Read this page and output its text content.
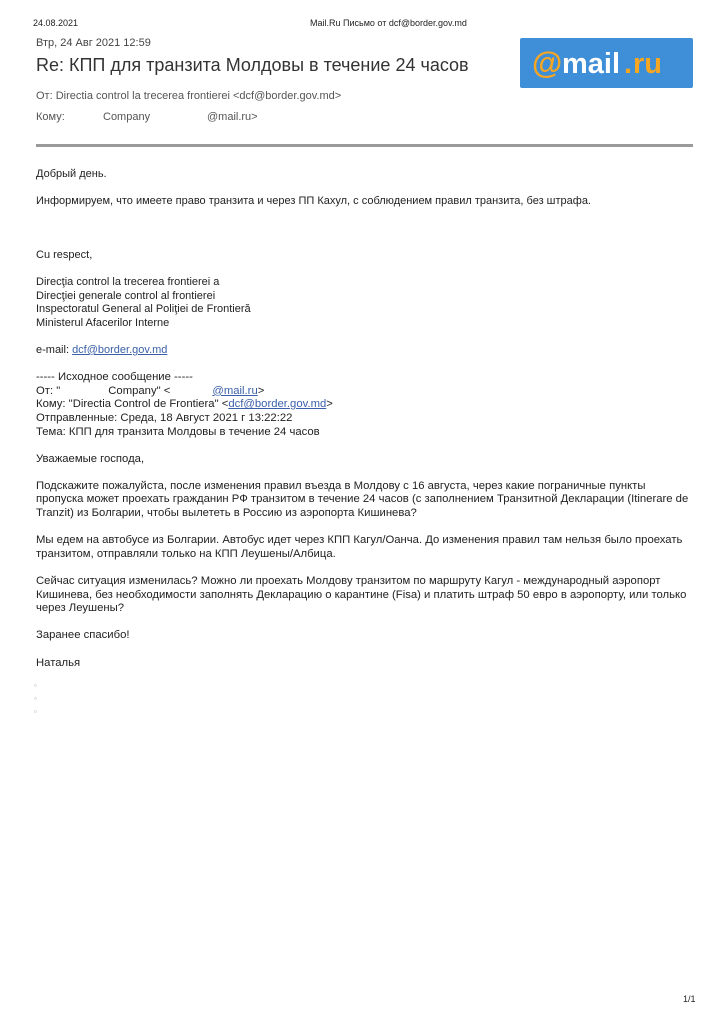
24.08.2021	Mail.Ru Письмо от dcf@border.gov.md
Втр, 24 Авг 2021 12:59
Re: КПП для транзита Молдовы в течение 24 часов @ mail . ru
От: Directia control la trecerea frontierei <dcf@border.gov.md>
Кому:	Company	@mail.ru>

Добрый день.

Информируем, что имеете право транзита и через ПП Кахул, с соблюдением правил транзита, без штрафа.

Cu respect,

Direcţia control la trecerea frontierei a

Direcţiei generale control al frontierei

Inspectoratul General al Poliţiei de Frontieră

Ministerul Afacerilor Interne

e-mail: dcf@border.gov.md

----- Исходное сообщение -----

От: "	Company" <	@mail.ru>

Кому: "Directia Control de Frontiera" <dcf@border.gov.md>

Отправленные: Среда, 18 Август 2021 г 13:22:22

Тема: КПП для транзита Молдовы в течение 24 часов

Уважаемые господа,

Подскажите пожалуйста, после изменения правил въезда в Молдову с 16 августа, через какие пограничные пункты

пропуска может проехать гражданин РФ транзитом в течение 24 часов (с заполнением Транзитной Декларации (Itinerare de

Tranzit) из Болгарии, чтобы вылететь в Россию из аэропорта Кишинева?

Мы едем на автобусе из Болгарии. Автобус идет через КПП Кагул/Оанча. До изменения правил там нельзя было проехать

транзитом, отправляли только на КПП Леушены/Албица.

Сейчас ситуация изменилась? Можно ли проехать Молдову транзитом по маршруту Кагул - международный аэропорт

Кишинева, без необходимости заполнять Декларацию о карантине (Fisa) и платить штраф 50 евро в аэропорту, или только

через Леушены?

Заранее спасибо!

Наталья

▫
▫
▫
1/1
